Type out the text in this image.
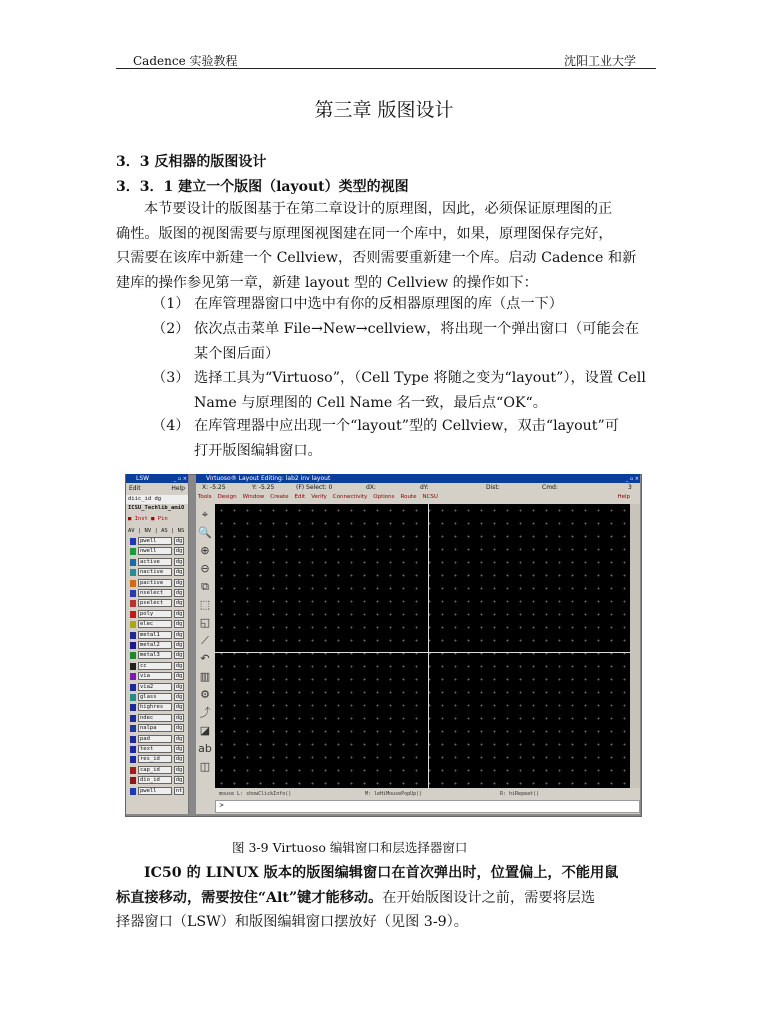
Cadence 实验教程	沈阳工业大学
第三章 版图设计
3．3 反相器的版图设计
3．3．1 建立一个版图（layout）类型的视图
本节要设计的版图基于在第二章设计的原理图，因此，必须保证原理图的正
确性。版图的视图需要与原理图视图建在同一个库中，如果，原理图保存完好，
只需要在该库中新建一个 Cellview，否则需要重新建一个库。启动 Cadence 和新
建库的操作参见第一章，新建 layout 型的 Cellview 的操作如下：
（1） 在库管理器窗口中选中有你的反相器原理图的库（点一下）
（2） 依次点击菜单 File→New→cellview，将出现一个弹出窗口（可能会在
某个图后面）
（3） 选择工具为“Virtuoso”，（Cell Type 将随之变为“layout”），设置 Cell
Name 与原理图的 Cell Name 名一致，最后点“OK“。
（4） 在库管理器中应出现一个“layout”型的 Cellview，双击“layout”可
打开版图编辑窗口。
LSW	_ ▫ ×
Edit	Help
diic_id dg
ICSU_Techlib_amiO
■ Inst ■ Pin
AV | NV | AS | NS
pwell	dg
nwell	dg
active	dg
nactive	dg
pactive	dg
nselect	dg
pselect	dg
poly	dg
elec	dg
metal1	dg
metal2	dg
metal3	dg
cc	dg
via	dg
via2	dg
glass	dg
highres	dg
ndec	dg
nalpa	dg
pad	dg
text	dg
res_id	dg
cap_id	dg
dio_id	dg
pwell	nt
Virtuoso® Layout Editing: lab2 inv layout	_ ▫ ×
X: -5.25	Y: -5.25	(F) Select: 0	dX:	dY:	Dist:	Cmd:	3
Tools Design Window Create Edit Verify Connectivity Options Route NCSU	Help
⌖
🔍
⊕
⊖
⧉
⬚
◱
⟋
↶
▥
⚙
⤴
◪
ab
◫
mouse L: showClickInfo()	M: leHiMousePopUp()	R: hiRepeat()
>
图 3-9 Virtuoso 编辑窗口和层选择器窗口
IC50 的 LINUX 版本的版图编辑窗口在首次弹出时，位置偏上，不能用鼠
标直接移动，需要按住“Alt”键才能移动。在开始版图设计之前，需要将层选
择器窗口（LSW）和版图编辑窗口摆放好（见图 3-9）。
